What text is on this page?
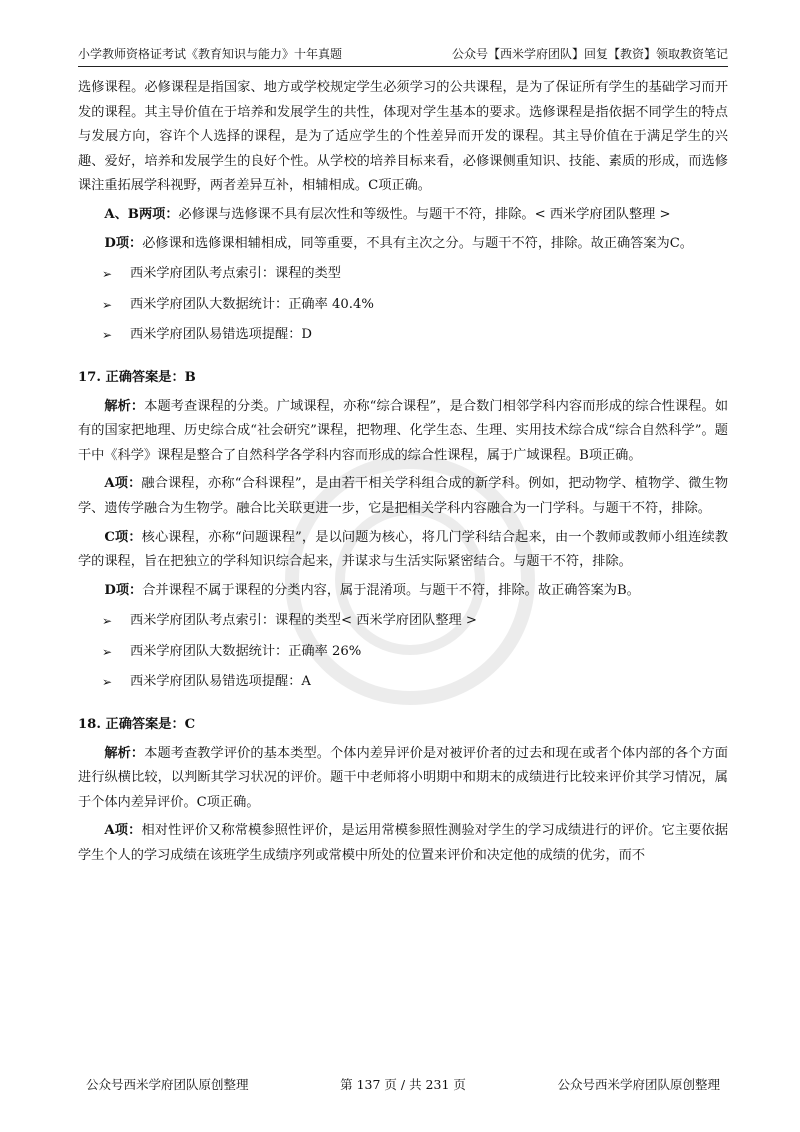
小学教师资格证考试《教育知识与能力》十年真题	公众号【西米学府团队】回复【教资】领取教资笔记

选修课程。必修课程是指国家、地方或学校规定学生必须学习的公共课程，是为了保证所有学生的基础学习而开发的课程。其主导价值在于培养和发展学生的共性，体现对学生基本的要求。选修课程是指依据不同学生的特点与发展方向，容许个人选择的课程，是为了适应学生的个性差异而开发的课程。其主导价值在于满足学生的兴趣、爱好，培养和发展学生的良好个性。从学校的培养目标来看，必修课侧重知识、技能、素质的形成，而选修课注重拓展学科视野，两者差异互补，相辅相成。C项正确。

A、B两项：必修课与选修课不具有层次性和等级性。与题干不符，排除。< 西米学府团队整理 >

D项：必修课和选修课相辅相成，同等重要，不具有主次之分。与题干不符，排除。故正确答案为C。

➢ 西米学府团队考点索引：课程的类型

➢ 西米学府团队大数据统计：正确率 40.4%

➢ 西米学府团队易错选项提醒：D

17. 正确答案是：B

解析：本题考查课程的分类。广域课程，亦称“综合课程”，是合数门相邻学科内容而形成的综合性课程。如有的国家把地理、历史综合成“社会研究”课程，把物理、化学生态、生理、实用技术综合成“综合自然科学”。题干中《科学》课程是整合了自然科学各学科内容而形成的综合性课程，属于广域课程。B项正确。

A项：融合课程，亦称“合科课程”，是由若干相关学科组合成的新学科。例如，把动物学、植物学、微生物学、遗传学融合为生物学。融合比关联更进一步，它是把相关学科内容融合为一门学科。与题干不符，排除。

C项：核心课程，亦称“问题课程”，是以问题为核心，将几门学科结合起来，由一个教师或教师小组连续教学的课程，旨在把独立的学科知识综合起来，并谋求与生活实际紧密结合。与题干不符，排除。

D项：合并课程不属于课程的分类内容，属于混淆项。与题干不符，排除。故正确答案为B。

➢ 西米学府团队考点索引：课程的类型< 西米学府团队整理 >

➢ 西米学府团队大数据统计：正确率 26%

➢ 西米学府团队易错选项提醒：A

18. 正确答案是：C

解析：本题考查教学评价的基本类型。个体内差异评价是对被评价者的过去和现在或者个体内部的各个方面进行纵横比较，以判断其学习状况的评价。题干中老师将小明期中和期末的成绩进行比较来评价其学习情况，属于个体内差异评价。C项正确。

A项：相对性评价又称常模参照性评价，是运用常模参照性测验对学生的学习成绩进行的评价。它主要依据学生个人的学习成绩在该班学生成绩序列或常模中所处的位置来评价和决定他的成绩的优劣，而不

公众号西米学府团队原创整理	第 137 页 / 共 231 页	公众号西米学府团队原创整理
